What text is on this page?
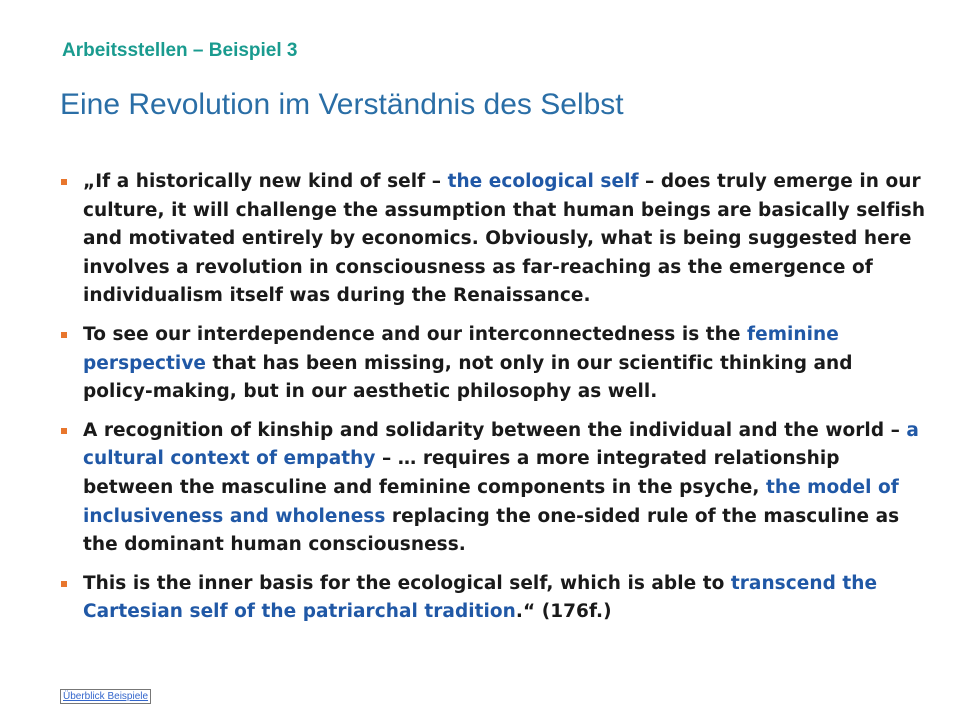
Arbeitsstellen – Beispiel 3
Eine Revolution im Verständnis des Selbst

„If a historically new kind of self – the ecological self – does truly emerge in our culture, it will challenge the assumption that human beings are basically selfish and motivated entirely by economics. Obviously, what is being suggested here involves a revolution in consciousness as far-reaching as the emergence of individualism itself was during the Renaissance.

To see our interdependence and our interconnectedness is the feminine perspective that has been missing, not only in our scientific thinking and policy-making, but in our aesthetic philosophy as well.

A recognition of kinship and solidarity between the individual and the world – a cultural context of empathy – … requires a more integrated relationship between the masculine and feminine components in the psyche, the model of inclusiveness and wholeness replacing the one-sided rule of the masculine as the dominant human consciousness.

This is the inner basis for the ecological self, which is able to transcend the Cartesian self of the patriarchal tradition.“ (176f.)

Überblick Beispiele
